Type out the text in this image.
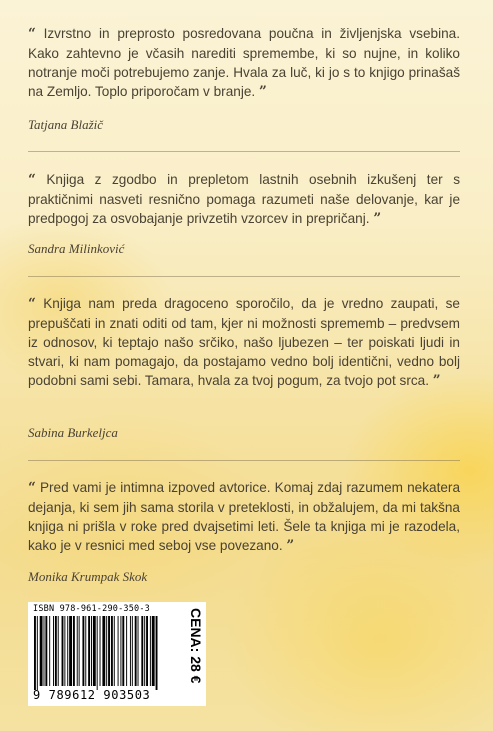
“ Izvrstno in preprosto posredovana poučna in življenjska vsebina. Kako zahtevno je včasih narediti spremembe, ki so nujne, in koliko notranje moči potrebujemo zanje. Hvala za luč, ki jo s to knjigo prinašaš na Zemljo. Toplo priporočam v branje. ”
Tatjana Blažič
“ Knjiga z zgodbo in prepletom lastnih osebnih izkušenj ter s praktičnimi nasveti resnično pomaga razumeti naše delovanje, kar je predpogoj za osvobajanje privzetih vzorcev in prepričanj. ”
Sandra Milinković
“ Knjiga nam preda dragoceno sporočilo, da je vredno zaupati, se prepuščati in znati oditi od tam, kjer ni možnosti sprememb – predvsem iz odnosov, ki teptajo našo srčiko, našo ljubezen – ter poiskati ljudi in stvari, ki nam pomagajo, da postajamo vedno bolj identični, vedno bolj podobni sami sebi. Tamara, hvala za tvoj pogum, za tvojo pot srca. ”
Sabina Burkeljca
“ Pred vami je intimna izpoved avtorice. Komaj zdaj razumem nekatera dejanja, ki sem jih sama storila v preteklosti, in obžalujem, da mi takšna knjiga ni prišla v roke pred dvajsetimi leti. Šele ta knjiga mi je razodela, kako je v resnici med seboj vse povezano. ”
Monika Krumpak Skok
ISBN 978-961-290-350-3
9 789612 903503
CENA: 28 €
